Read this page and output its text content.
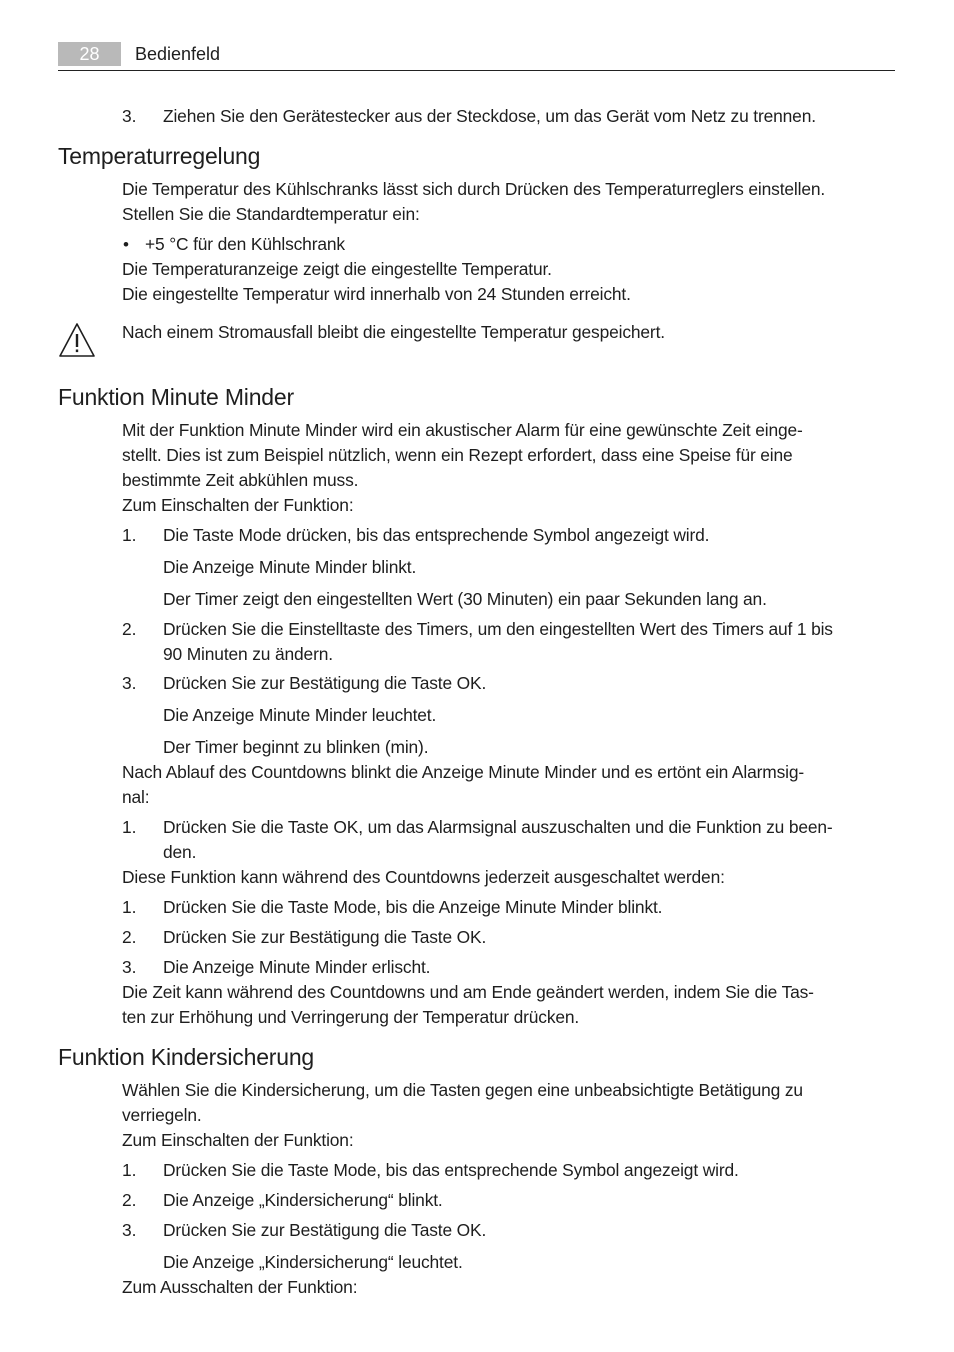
28	Bedienfeld
3. Ziehen Sie den Gerätestecker aus der Steckdose, um das Gerät vom Netz zu trennen.
Temperaturregelung
Die Temperatur des Kühlschranks lässt sich durch Drücken des Temperaturreglers einstellen.
Stellen Sie die Standardtemperatur ein:
• +5 °C für den Kühlschrank
Die Temperaturanzeige zeigt die eingestellte Temperatur.
Die eingestellte Temperatur wird innerhalb von 24 Stunden erreicht.
Nach einem Stromausfall bleibt die eingestellte Temperatur gespeichert.
Funktion Minute Minder
Mit der Funktion Minute Minder wird ein akustischer Alarm für eine gewünschte Zeit einge-
stellt. Dies ist zum Beispiel nützlich, wenn ein Rezept erfordert, dass eine Speise für eine
bestimmte Zeit abkühlen muss.
Zum Einschalten der Funktion:
1. Die Taste Mode drücken, bis das entsprechende Symbol angezeigt wird.
Die Anzeige Minute Minder blinkt.
Der Timer zeigt den eingestellten Wert (30 Minuten) ein paar Sekunden lang an.
2. Drücken Sie die Einstelltaste des Timers, um den eingestellten Wert des Timers auf 1 bis
90 Minuten zu ändern.
3. Drücken Sie zur Bestätigung die Taste OK.
Die Anzeige Minute Minder leuchtet.
Der Timer beginnt zu blinken (min).
Nach Ablauf des Countdowns blinkt die Anzeige Minute Minder und es ertönt ein Alarmsig-
nal:
1. Drücken Sie die Taste OK, um das Alarmsignal auszuschalten und die Funktion zu been-
den.
Diese Funktion kann während des Countdowns jederzeit ausgeschaltet werden:
1. Drücken Sie die Taste Mode, bis die Anzeige Minute Minder blinkt.
2. Drücken Sie zur Bestätigung die Taste OK.
3. Die Anzeige Minute Minder erlischt.
Die Zeit kann während des Countdowns und am Ende geändert werden, indem Sie die Tas-
ten zur Erhöhung und Verringerung der Temperatur drücken.
Funktion Kindersicherung
Wählen Sie die Kindersicherung, um die Tasten gegen eine unbeabsichtigte Betätigung zu
verriegeln.
Zum Einschalten der Funktion:
1. Drücken Sie die Taste Mode, bis das entsprechende Symbol angezeigt wird.
2. Die Anzeige „Kindersicherung“ blinkt.
3. Drücken Sie zur Bestätigung die Taste OK.
Die Anzeige „Kindersicherung“ leuchtet.
Zum Ausschalten der Funktion:
